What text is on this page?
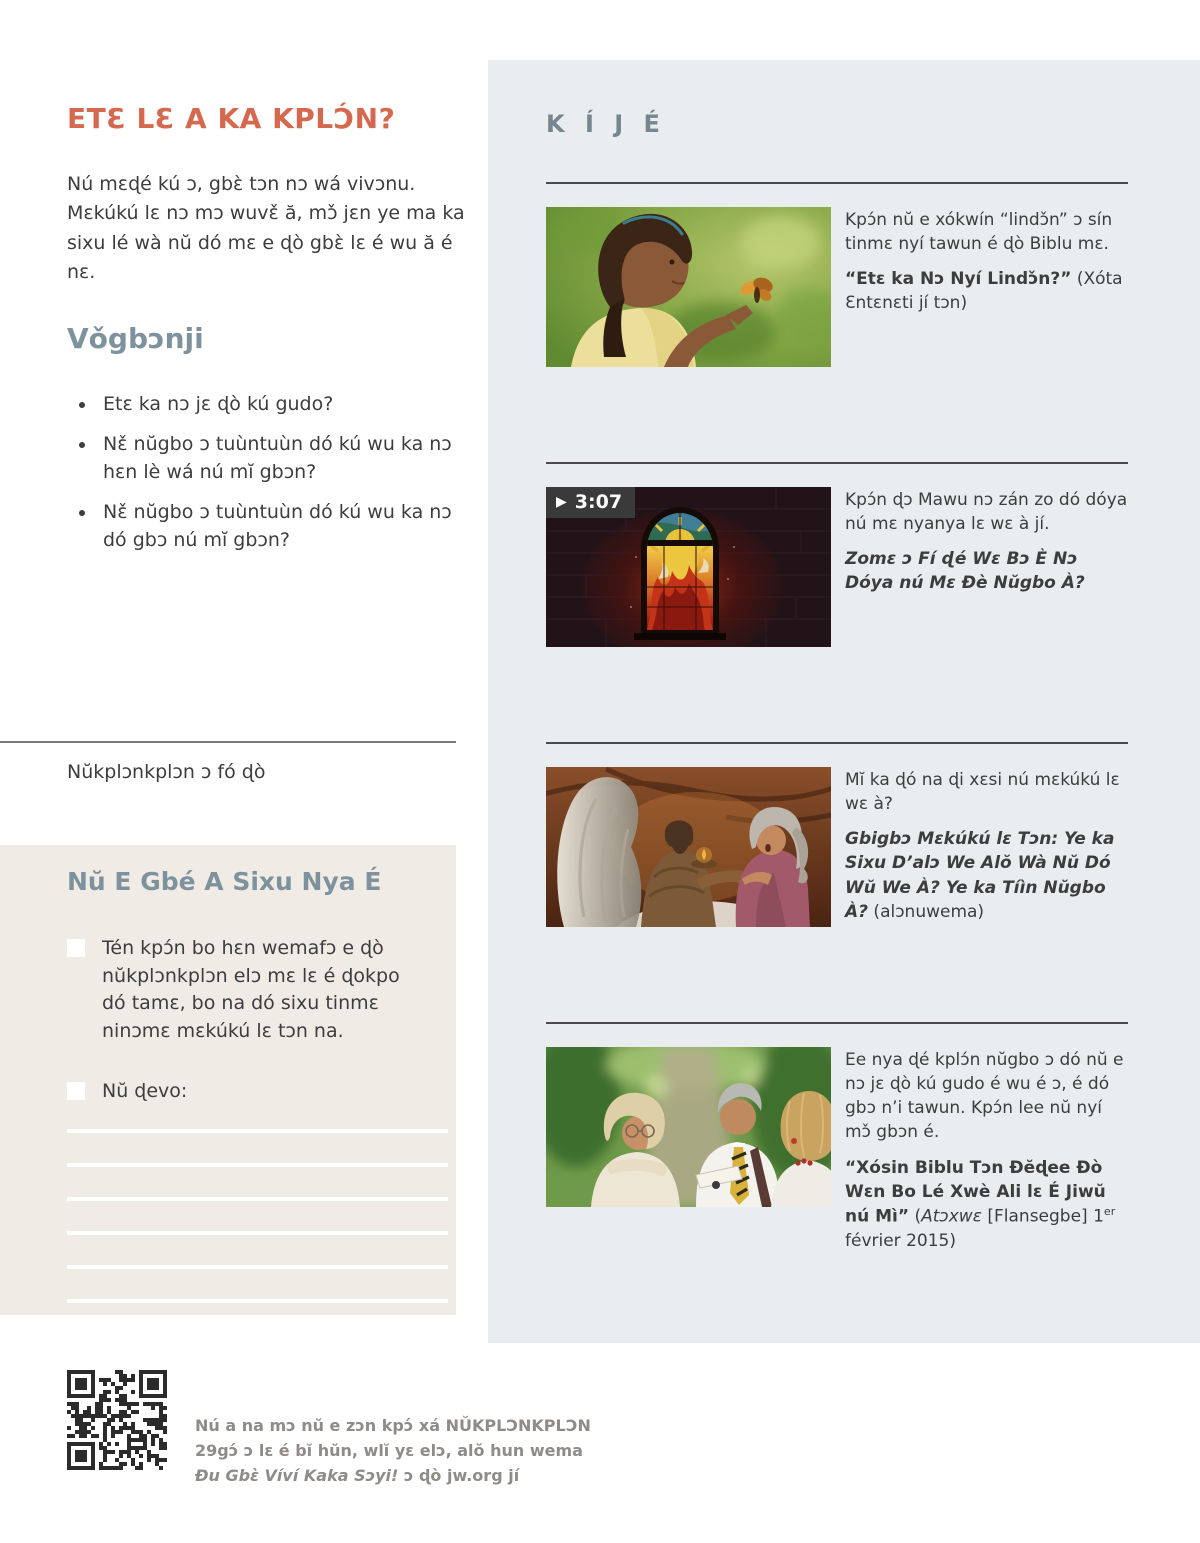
ETƐ LƐ A KA KPLƆ́N?

Nú mɛɖé kú ɔ, gbɛ̀ tɔn nɔ wá vivɔnu. Mɛkúkú lɛ nɔ mɔ wuvɛ̌ ă, mɔ̌ jɛn ye ma ka sixu lé wà nŭ dó mɛ e ɖò gbɛ̀ lɛ é wu ă é nɛ.

Vǒgbɔnji
• Etɛ ka nɔ jɛ ɖò kú gudo?
• Nɛ̌ nŭgbo ɔ tuùntuùn dó kú wu ka nɔ hɛn lè wá nú mĭ gbɔn?
• Nɛ̌ nŭgbo ɔ tuùntuùn dó kú wu ka nɔ dó gbɔ nú mĭ gbɔn?

Nŭkplɔnkplɔn ɔ fó ɖò

Nŭ E Gbé A Sixu Nya É
Tén kpɔ́n bo hɛn wemafɔ e ɖò nŭkplɔnkplɔn elɔ mɛ lɛ é ɖokpo dó tamɛ, bo na dó sixu tinmɛ ninɔmɛ mɛkúkú lɛ tɔn na.
Nŭ ɖevo:
Nú a na mɔ nŭ e zɔn kpɔ́ xá NŬKPLƆNKPLƆN
29gɔ́ ɔ lɛ é bĭ hŭn, wlĭ yɛ elɔ, alŏ hun wema
Ðu Gbɛ̀ Víví Kaka Sɔyi! ɔ ɖò jw.org jí
K Í J É

Kpɔ́n nŭ e xókwín “lindɔ̌n” ɔ sín tinmɛ nyí tawun é ɖò Biblu mɛ.

“Etɛ ka Nɔ Nyí Lindɔ̌n?” (Xóta Ɛntɛnɛti jí tɔn)

▶ 3:07	Kpɔ́n ɖɔ Mawu nɔ zán zo dó dóya nú mɛ nyanya lɛ wɛ à jí.

Zomɛ ɔ Fí ɖé Wɛ Bɔ È Nɔ Dóya nú Mɛ Ðè Nŭgbo À?

Mĭ ka ɖó na ɖi xɛsi nú mɛkúkú lɛ wɛ à?

Gbigbɔ Mɛkúkú lɛ Tɔn: Ye ka Sixu D’alɔ We Alŏ Wà Nŭ Dó Wŭ We À? Ye ka Tíìn Nŭgbo À? (alɔnuwema)

Ee nya ɖé kplɔ́n nŭgbo ɔ dó nŭ e nɔ jɛ ɖò kú gudo é wu é ɔ, é dó gbɔ n’i tawun. Kpɔ́n lee nŭ nyí mɔ̌ gbɔn é.

“Xósin Biblu Tɔn Ðĕɖee Ðò Wɛn Bo Lé Xwè Ali lɛ É Jiwŭ nú Mì” (Atɔxwɛ [Flansegbe] 1er février 2015)
